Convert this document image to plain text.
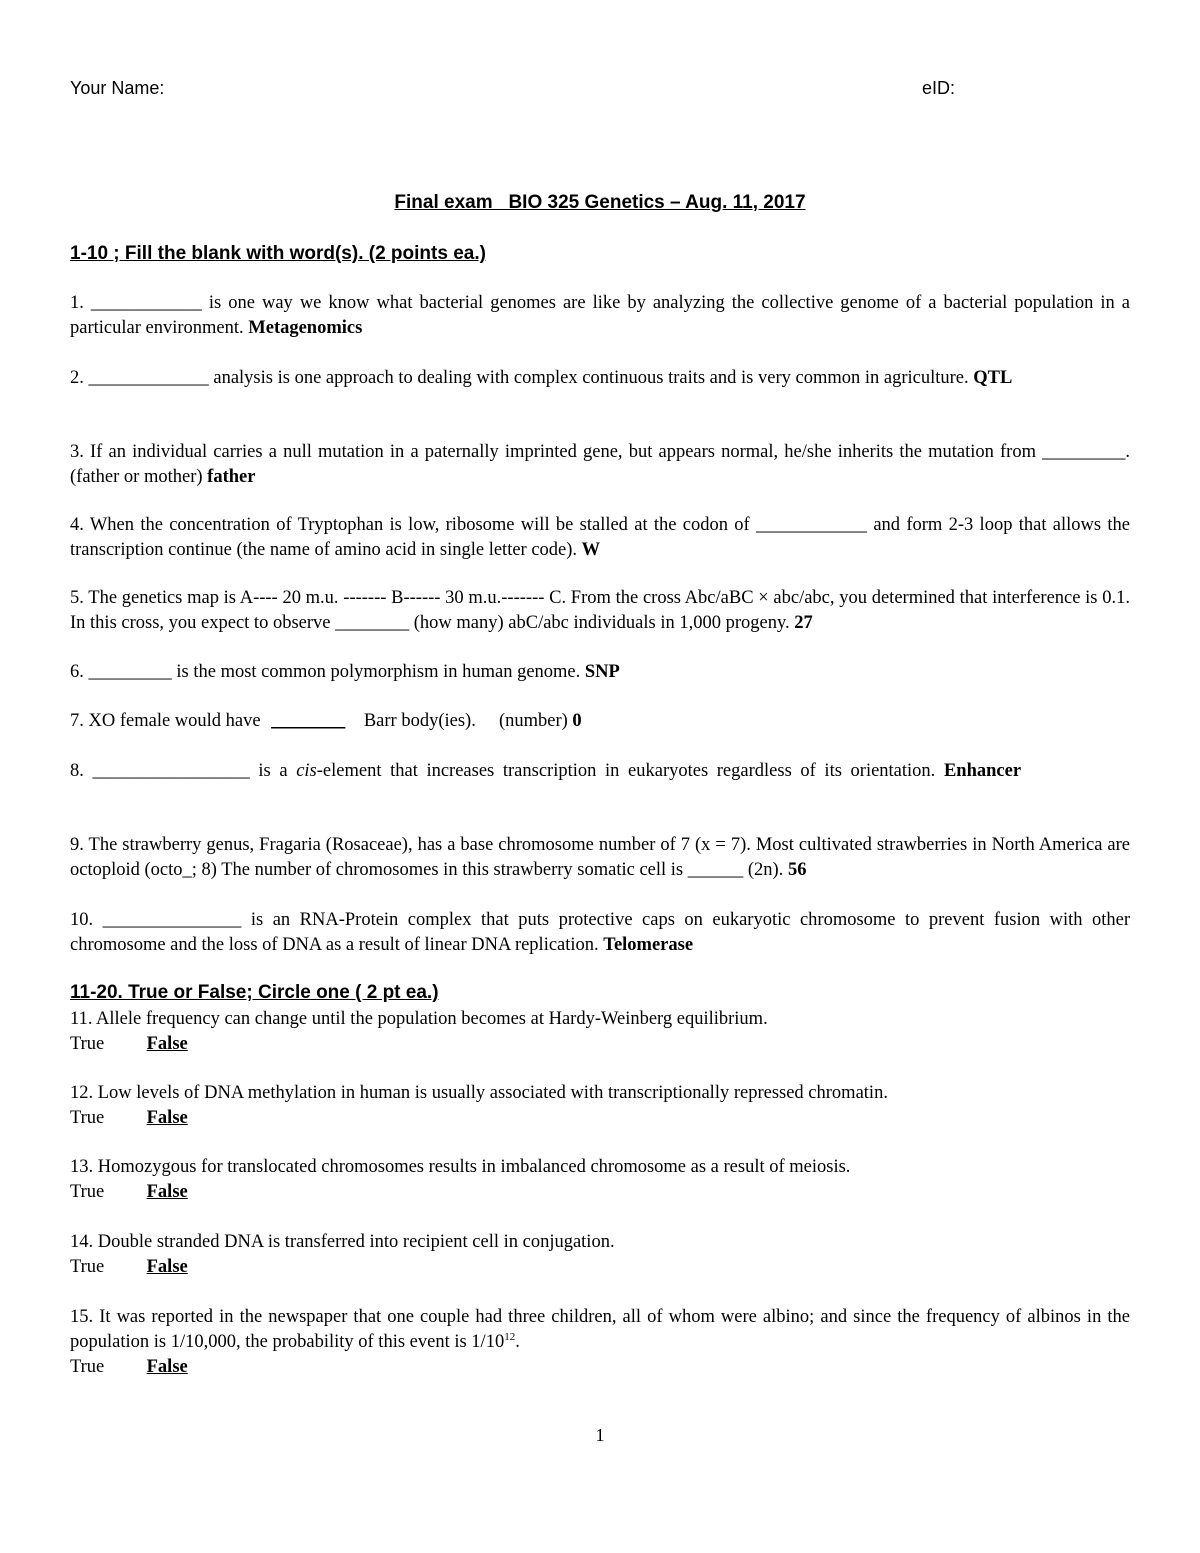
Your Name:	eID:
Final exam   BIO 325 Genetics – Aug. 11, 2017
1-10 ; Fill the blank with word(s). (2 points ea.)
1. ____________ is one way we know what bacterial genomes are like by analyzing the collective genome of a bacterial population in a particular environment. Metagenomics
2. _____________ analysis is one approach to dealing with complex continuous traits and is very common in agriculture. QTL
3. If an individual carries a null mutation in a paternally imprinted gene, but appears normal, he/she inherits the mutation from _________. (father or mother) father
4. When the concentration of Tryptophan is low, ribosome will be stalled at the codon of ____________ and form 2-3 loop that allows the transcription continue (the name of amino acid in single letter code). W
5. The genetics map is A---- 20 m.u. ------- B------ 30 m.u.------- C. From the cross Abc/aBC × abc/abc, you determined that interference is 0.1. In this cross, you expect to observe ________ (how many) abC/abc individuals in 1,000 progeny. 27
6. _________ is the most common polymorphism in human genome. SNP
7. XO female would have ________ Barr body(ies).     (number) 0
8. _________________ is a cis-element that increases transcription in eukaryotes regardless of its orientation. Enhancer
9. The strawberry genus, Fragaria (Rosaceae), has a base chromosome number of 7 (x = 7). Most cultivated strawberries in North America are octoploid (octo_; 8) The number of chromosomes in this strawberry somatic cell is ______ (2n). 56
10. _______________ is an RNA-Protein complex that puts protective caps on eukaryotic chromosome to prevent fusion with other chromosome and the loss of DNA as a result of linear DNA replication. Telomerase
11-20. True or False; Circle one ( 2 pt ea.)
11. Allele frequency can change until the population becomes at Hardy-Weinberg equilibrium.
True False
12. Low levels of DNA methylation in human is usually associated with transcriptionally repressed chromatin.
True False
13. Homozygous for translocated chromosomes results in imbalanced chromosome as a result of meiosis.
True False
14. Double stranded DNA is transferred into recipient cell in conjugation.
True False
15. It was reported in the newspaper that one couple had three children, all of whom were albino; and since the frequency of albinos in the population is 1/10,000, the probability of this event is $1/10^{12}$.
True False
1
